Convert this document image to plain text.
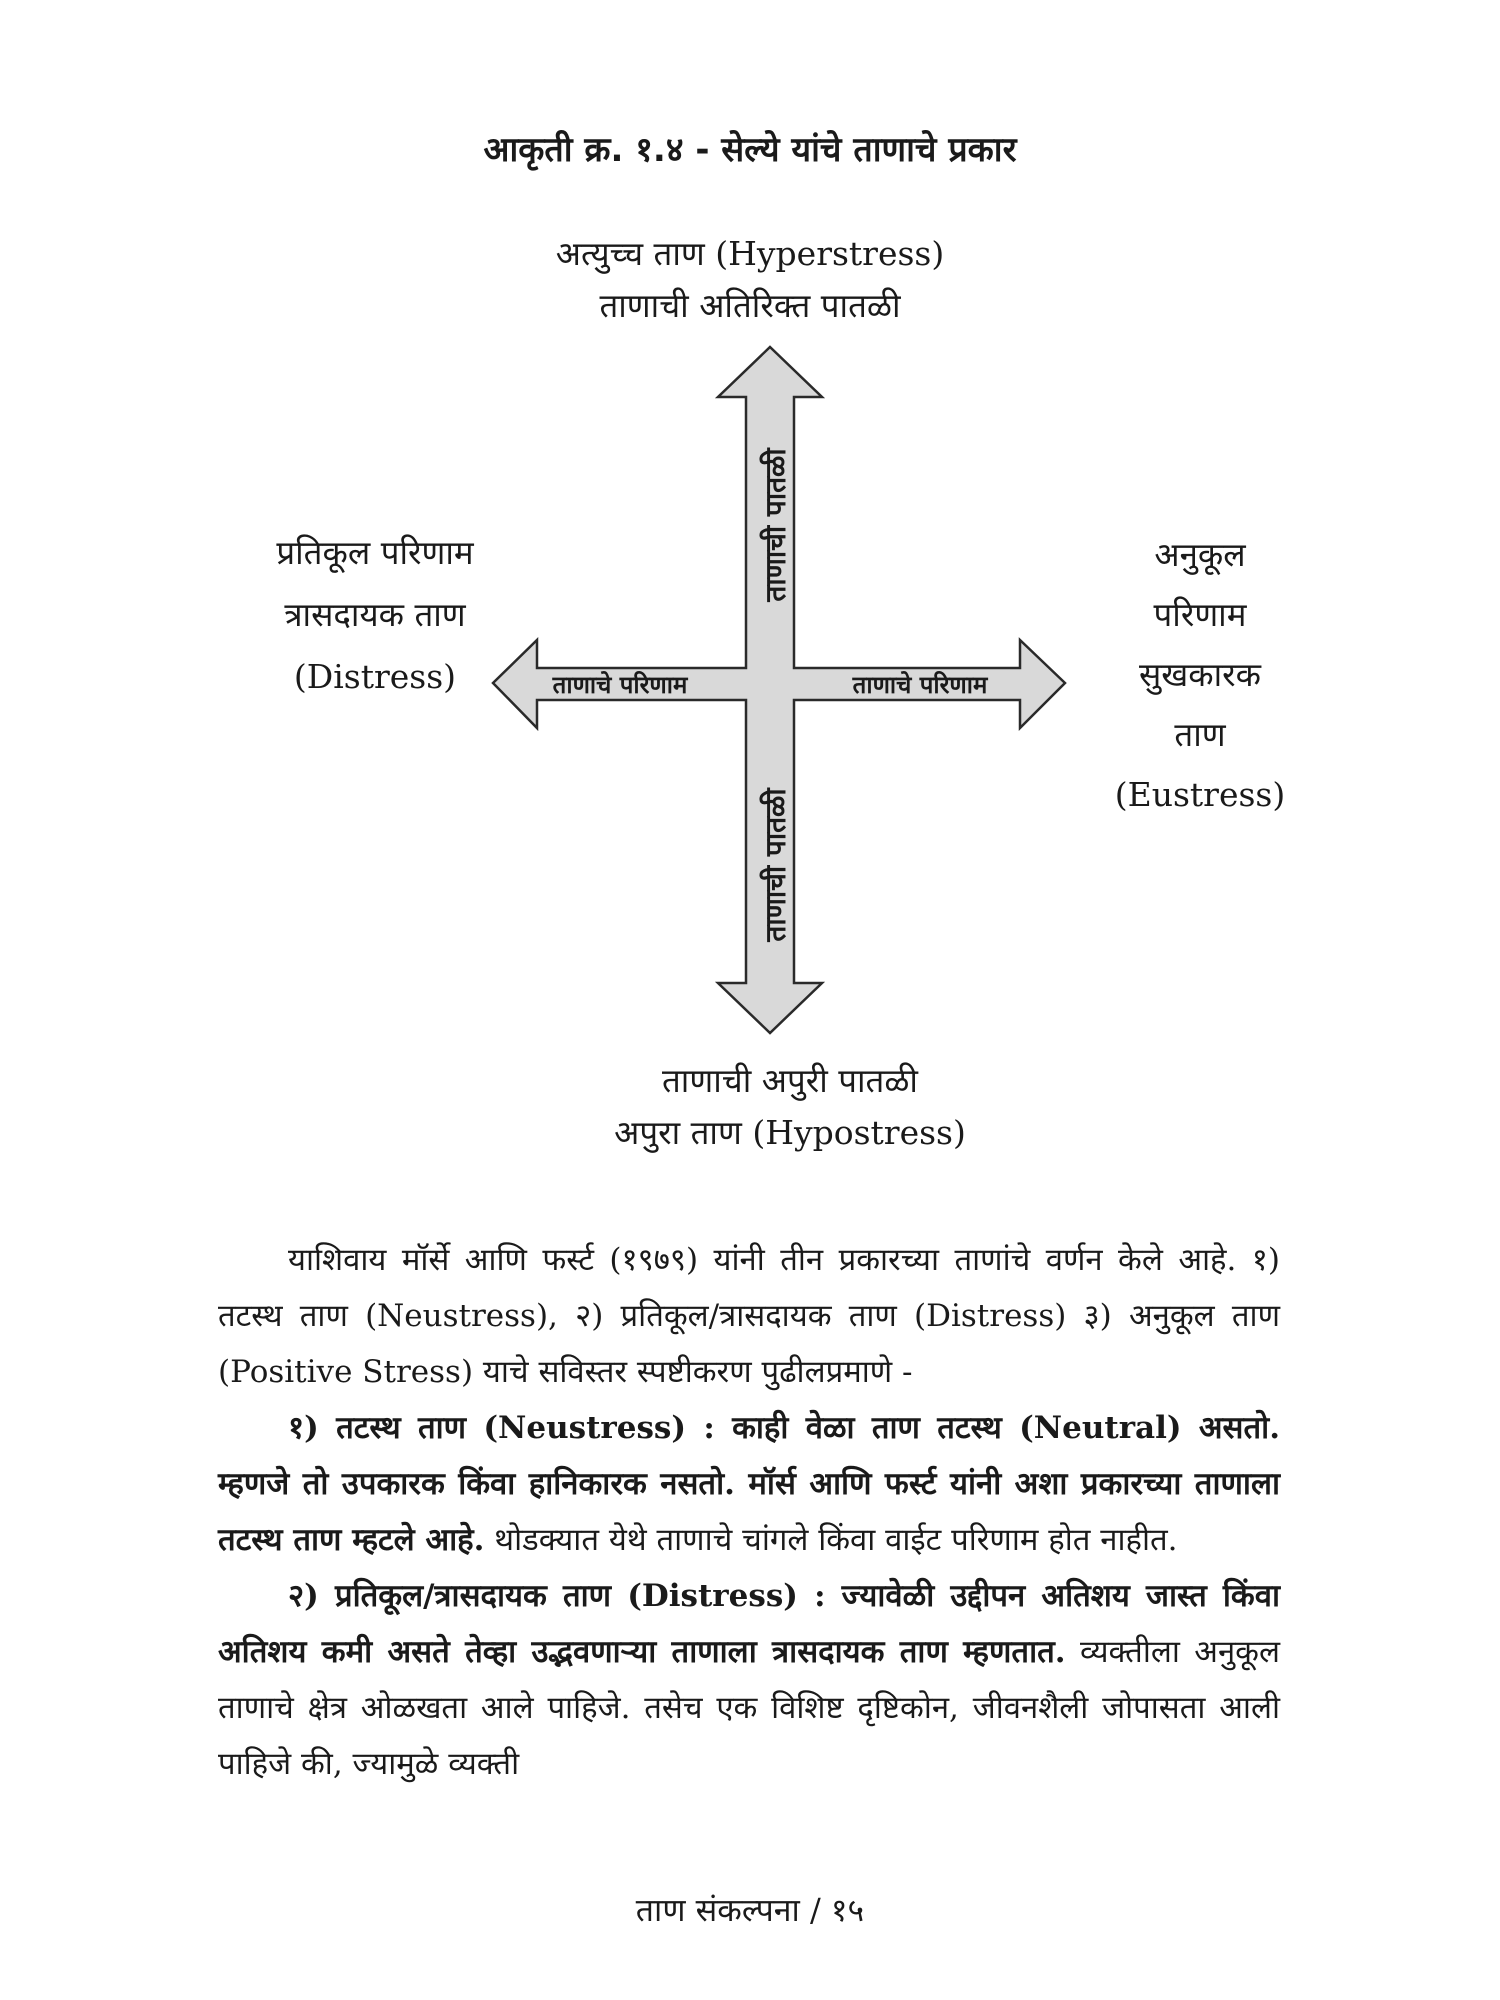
आकृती क्र. १.४ - सेल्ये यांचे ताणाचे प्रकार
अत्युच्च ताण (Hyperstress)
ताणाची अतिरिक्त पातळी
प्रतिकूल परिणाम
त्रासदायक ताण
(Distress)
अनुकूल
परिणाम
सुखकारक
ताण
(Eustress)
ताणाची अपुरी पातळी
अपुरा ताण (Hypostress)
ताणाची पातळी
ताणाची पातळी
ताणाचे परिणाम	ताणाचे परिणाम

याशिवाय मॉर्से आणि फर्स्ट (१९७९) यांनी तीन प्रकारच्या ताणांचे वर्णन केले आहे. १) तटस्थ ताण (Neustress), २) प्रतिकूल/त्रासदायक ताण (Distress) ३) अनुकूल ताण (Positive Stress) याचे सविस्तर स्पष्टीकरण पुढीलप्रमाणे -

१) तटस्थ ताण (Neustress) : काही वेळा ताण तटस्थ (Neutral) असतो. म्हणजे तो उपकारक किंवा हानिकारक नसतो. मॉर्स आणि फर्स्ट यांनी अशा प्रकारच्या ताणाला तटस्थ ताण म्हटले आहे. थोडक्यात येथे ताणाचे चांगले किंवा वाईट परिणाम होत नाहीत.

२) प्रतिकूल/त्रासदायक ताण (Distress) : ज्यावेळी उद्दीपन अतिशय जास्त किंवा अतिशय कमी असते तेव्हा उद्भवणाऱ्या ताणाला त्रासदायक ताण म्हणतात. व्यक्तीला अनुकूल ताणाचे क्षेत्र ओळखता आले पाहिजे. तसेच एक विशिष्ट दृष्टिकोन, जीवनशैली जोपासता आली पाहिजे की, ज्यामुळे व्यक्ती

ताण संकल्पना / १५
